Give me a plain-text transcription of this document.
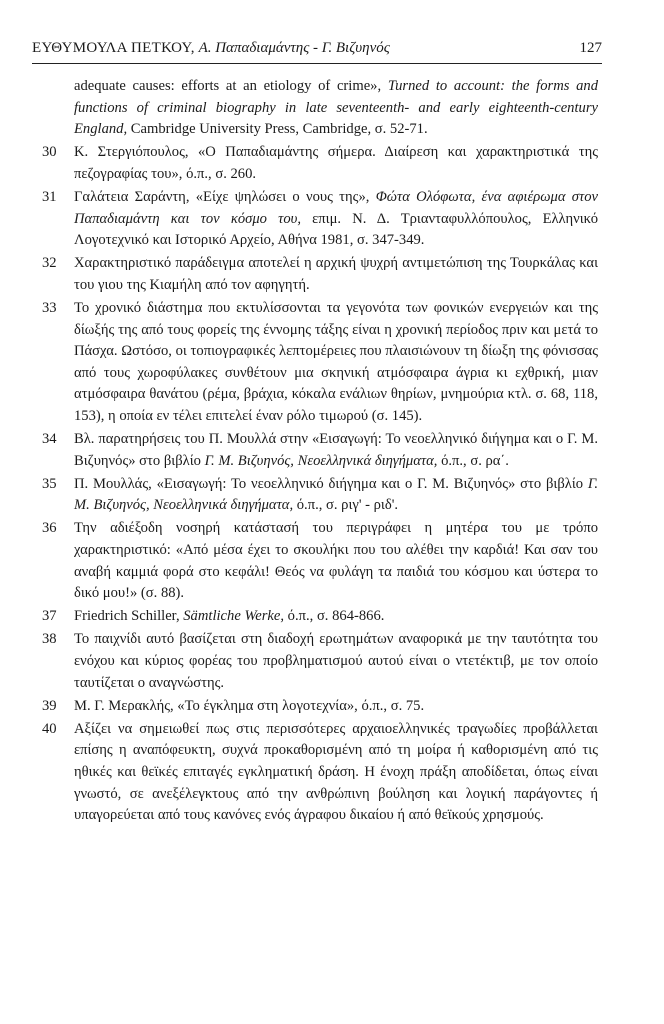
ΕΥΘΥΜΟΥΛΑ ΠΕΤΚΟΥ, Α. Παπαδιαμάντης - Γ. Βιζυηνός	127
adequate causes: efforts at an etiology of crime», Turned to account: the forms and functions of criminal biography in late seventeenth- and early eighteenth-century England, Cambridge University Press, Cambridge, σ. 52-71.
30	Κ. Στεργιόπουλος, «Ο Παπαδιαμάντης σήμερα. Διαίρεση και χαρακτηριστικά της πεζογραφίας του», ό.π., σ. 260.
31	Γαλάτεια Σαράντη, «Είχε ψηλώσει ο νους της», Φώτα Ολόφωτα, ένα αφιέρωμα στον Παπαδιαμάντη και τον κόσμο του, επιμ. Ν. Δ. Τριανταφυλλόπουλος, Ελληνικό Λογοτεχνικό και Ιστορικό Αρχείο, Αθήνα 1981, σ. 347-349.
32	Χαρακτηριστικό παράδειγμα αποτελεί η αρχική ψυχρή αντιμετώπιση της Τουρκάλας και του γιου της Κιαμήλη από τον αφηγητή.
33	Το χρονικό διάστημα που εκτυλίσσονται τα γεγονότα των φονικών ενεργειών και της δίωξής της από τους φορείς της έννομης τάξης είναι η χρονική περίοδος πριν και μετά το Πάσχα. Ωστόσο, οι τοπιογραφικές λεπτομέρειες που πλαισιώνουν τη δίωξη της φόνισσας από τους χωροφύλακες συνθέτουν μια σκηνική ατμόσφαιρα άγρια κι εχθρική, μιαν ατμόσφαιρα θανάτου (ρέμα, βράχια, κόκαλα ενάλιων θηρίων, μνημούρια κτλ. σ. 68, 118, 153), η οποία εν τέλει επιτελεί έναν ρόλο τιμωρού (σ. 145).
34	Βλ. παρατηρήσεις του Π. Μουλλά στην «Εισαγωγή: Το νεοελληνικό διήγημα και ο Γ. Μ. Βιζυηνός» στο βιβλίο Γ. Μ. Βιζυηνός, Νεοελληνικά διηγήματα, ό.π., σ. ρα΄.
35	Π. Μουλλάς, «Εισαγωγή: Το νεοελληνικό διήγημα και ο Γ. Μ. Βιζυηνός» στο βιβλίο Γ. Μ. Βιζυηνός, Νεοελληνικά διηγήματα, ό.π., σ. ριγ' - ριδ'.
36	Την αδιέξοδη νοσηρή κατάστασή του περιγράφει η μητέρα του με τρόπο χαρακτηριστικό: «Από μέσα έχει το σκουλήκι που του αλέθει την καρδιά! Και σαν του αναβή καμμιά φορά στο κεφάλι! Θεός να φυλάγη τα παιδιά του κόσμου και ύστερα το δικό μου!» (σ. 88).
37	Friedrich Schiller, Sämtliche Werke, ό.π., σ. 864-866.
38	Το παιχνίδι αυτό βασίζεται στη διαδοχή ερωτημάτων αναφορικά με την ταυτότητα του ενόχου και κύριος φορέας του προβληματισμού αυτού είναι ο ντετέκτιβ, με τον οποίο ταυτίζεται ο αναγνώστης.
39	Μ. Γ. Μερακλής, «Το έγκλημα στη λογοτεχνία», ό.π., σ. 75.
40	Αξίζει να σημειωθεί πως στις περισσότερες αρχαιοελληνικές τραγωδίες προβάλλεται επίσης η αναπόφευκτη, συχνά προκαθορισμένη από τη μοίρα ή καθορισμένη από τις ηθικές και θεϊκές επιταγές εγκληματική δράση. Η ένοχη πράξη αποδίδεται, όπως είναι γνωστό, σε ανεξέλεγκτους από την ανθρώπινη βούληση και λογική παράγοντες ή υπαγορεύεται από τους κανόνες ενός άγραφου δικαίου ή από θεϊκούς χρησμούς.
